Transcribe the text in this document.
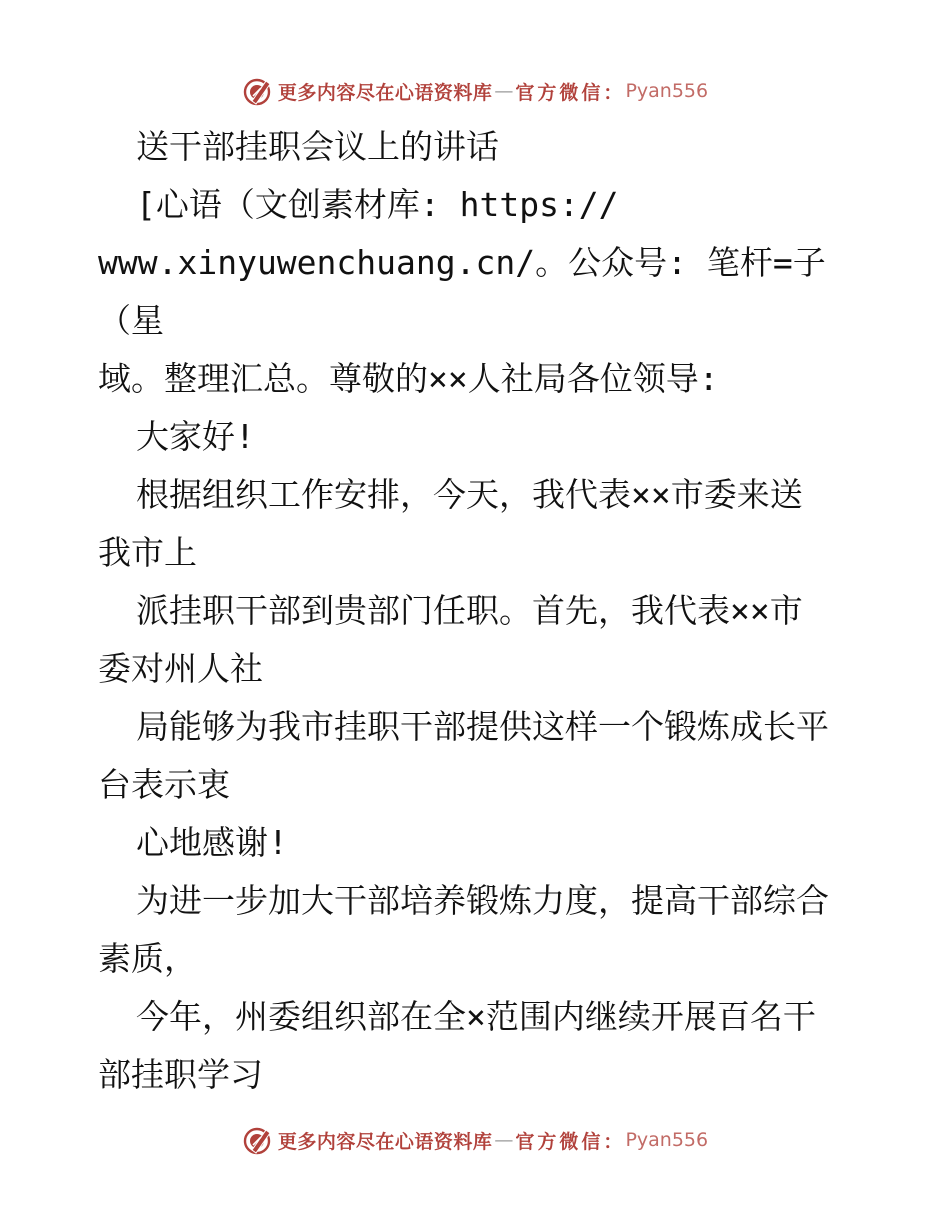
更多内容尽在心语资料库 — 官方微信： Pyan556

送干部挂职会议上的讲话

[心语（文创素材库: https://

www.xinyuwenchuang.cn/。公众号: 笔杆=子（星

域。整理汇总。尊敬的××人社局各位领导:

大家好!

根据组织工作安排，今天，我代表××市委来送

我市上

派挂职干部到贵部门任职。首先，我代表××市

委对州人社

局能够为我市挂职干部提供这样一个锻炼成长平

台表示衷

心地感谢!

为进一步加大干部培养锻炼力度，提高干部综合

素质，

今年，州委组织部在全×范围内继续开展百名干

部挂职学习

更多内容尽在心语资料库 — 官方微信： Pyan556
